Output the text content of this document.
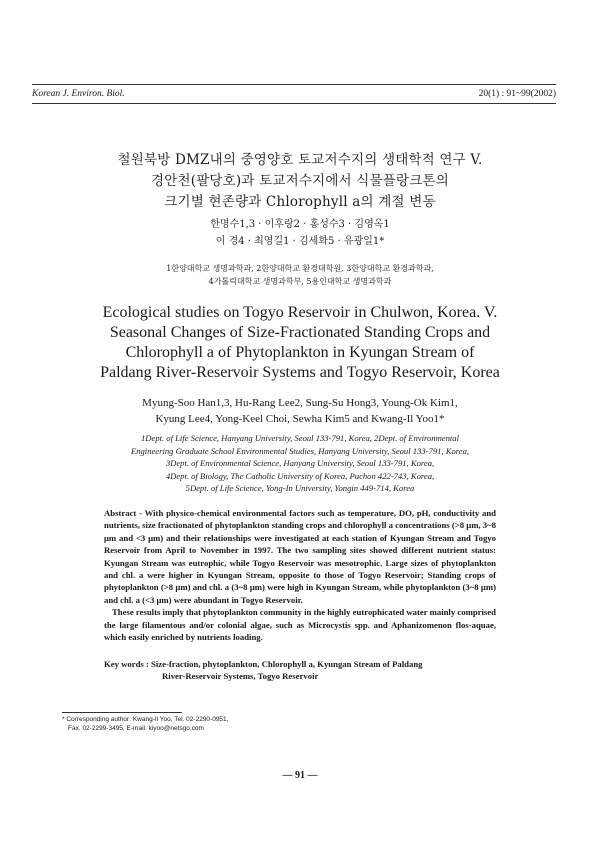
Korean J. Environ. Biol.	20(1) : 91~99(2002)
철원북방 DMZ내의 중영양호 토교저수지의 생태학적 연구 V.
경안천(팔당호)과 토교저수지에서 식물플랑크톤의
크기별 현존량과 Chlorophyll a의 계절 변동
한명수1,3 · 이후랑2 · 홍성수3 · 김영옥1
이 경4 · 최영길1 · 김세화5 · 유광일1*
1한양대학교 생명과학과, 2한양대학교 환경대학원, 3한양대학교 환경과학과,
4가톨릭대학교 생명과학부, 5용인대학교 생명과학과
Ecological studies on Togyo Reservoir in Chulwon, Korea. V.
Seasonal Changes of Size-Fractionated Standing Crops and
Chlorophyll a of Phytoplankton in Kyungan Stream of
Paldang River-Reservoir Systems and Togyo Reservoir, Korea
Myung-Soo Han1,3, Hu-Rang Lee2, Sung-Su Hong3, Young-Ok Kim1,
Kyung Lee4, Yong-Keel Choi, Sewha Kim5 and Kwang-Il Yoo1*
1Dept. of Life Science, Hanyang University, Seoul 133-791, Korea, 2Dept. of Environmental
Engineering Graduate School Environmental Studies, Hanyang University, Seoul 133-791, Korea,
3Dept. of Environmental Science, Hanyang University, Seoul 133-791, Korea,
4Dept. of Biology, The Catholic University of Korea, Puchon 422-743, Korea,
5Dept. of Life Science, Yong-In University, Yongin 449-714, Korea

Abstract - With physico-chemical environmental factors such as temperature, DO, pH, conductivity and nutrients, size fractionated of phytoplankton standing crops and chlorophyll a concentrations (>8 μm, 3~8 μm and <3 μm) and their relationships were investigated at each station of Kyungan Stream and Togyo Reservoir from April to November in 1997. The two sampling sites showed different nutrient status: Kyungan Stream was eutrophic, while Togyo Reservoir was mesotrophic. Large sizes of phytoplankton and chl. a were higher in Kyungan Stream, opposite to those of Togyo Reservoir; Standing crops of phytoplankton (>8 μm) and chl. a (3~8 μm) were high in Kyungan Stream, while phytoplankton (3~8 μm) and chl. a (<3 μm) were abundant in Togyo Reservoir.

These results imply that phytoplankton community in the highly eutrophicated water mainly comprised the large filamentous and/or colonial algae, such as Microcystis spp. and Aphanizomenon flos-aquae, which easily enriched by nutrients loading.

Key words : Size-fraction, phytoplankton, Chlorophyll a, Kyungan Stream of Paldang
River-Reservoir Systems, Togyo Reservoir
* Corresponding author: Kwang-Il Yoo, Tel. 02-2290-0951,
Fax. 02-2299-3495, E-mail. kiyoo@netsgo.com
— 91 —
